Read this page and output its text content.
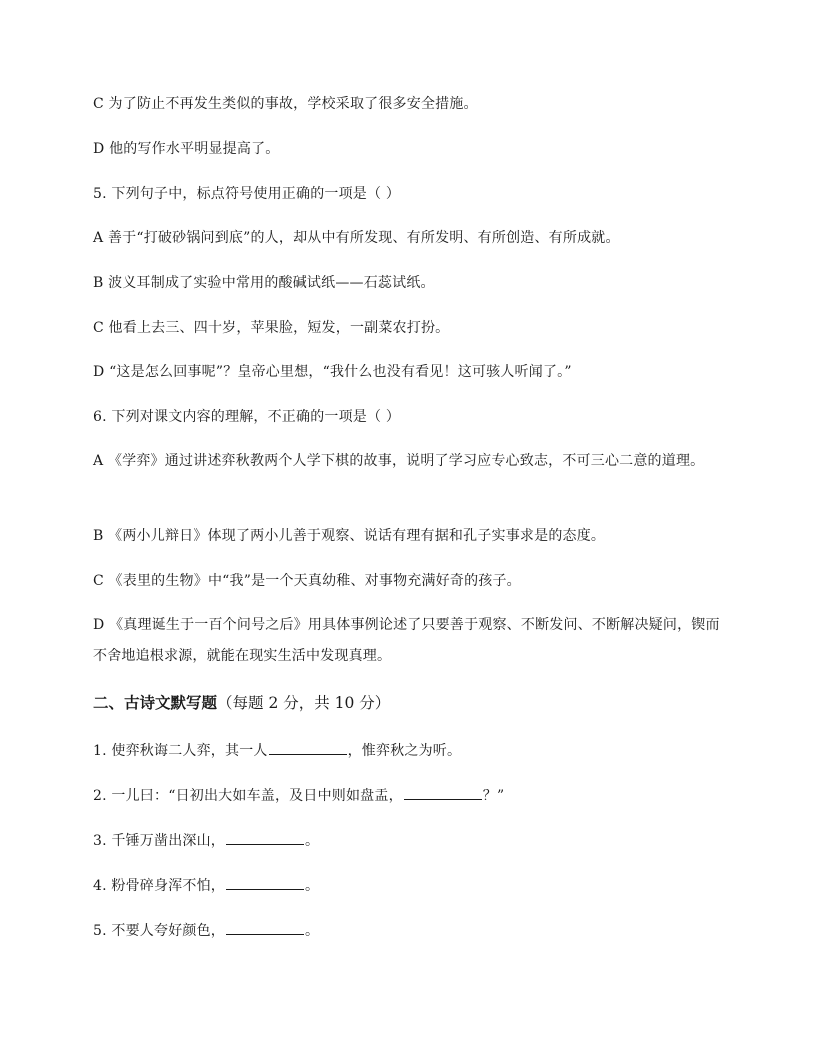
C 为了防止不再发生类似的事故，学校采取了很多安全措施。
D 他的写作水平明显提高了。
5. 下列句子中，标点符号使用正确的一项是（ ）
A 善于“打破砂锅问到底”的人，却从中有所发现、有所发明、有所创造、有所成就。
B 波义耳制成了实验中常用的酸碱试纸——石蕊试纸。
C 他看上去三、四十岁，苹果脸，短发，一副菜农打扮。
D “这是怎么回事呢”？皇帝心里想，“我什么也没有看见！这可骇人听闻了。”
6. 下列对课文内容的理解，不正确的一项是（ ）
A 《学弈》通过讲述弈秋教两个人学下棋的故事，说明了学习应专心致志，不可三心二意的道理。
B 《两小儿辩日》体现了两小儿善于观察、说话有理有据和孔子实事求是的态度。
C 《表里的生物》中“我”是一个天真幼稚、对事物充满好奇的孩子。
D 《真理诞生于一百个问号之后》用具体事例论述了只要善于观察、不断发问、不断解决疑问，锲而不舍地追根求源，就能在现实生活中发现真理。
二、古诗文默写题（每题 2 分，共 10 分）
1. 使弈秋诲二人弈，其一人	，惟弈秋之为听。
2. 一儿曰：“日初出大如车盖，及日中则如盘盂，	？”
3. 千锤万凿出深山，	。
4. 粉骨碎身浑不怕，	。
5. 不要人夸好颜色，	。
